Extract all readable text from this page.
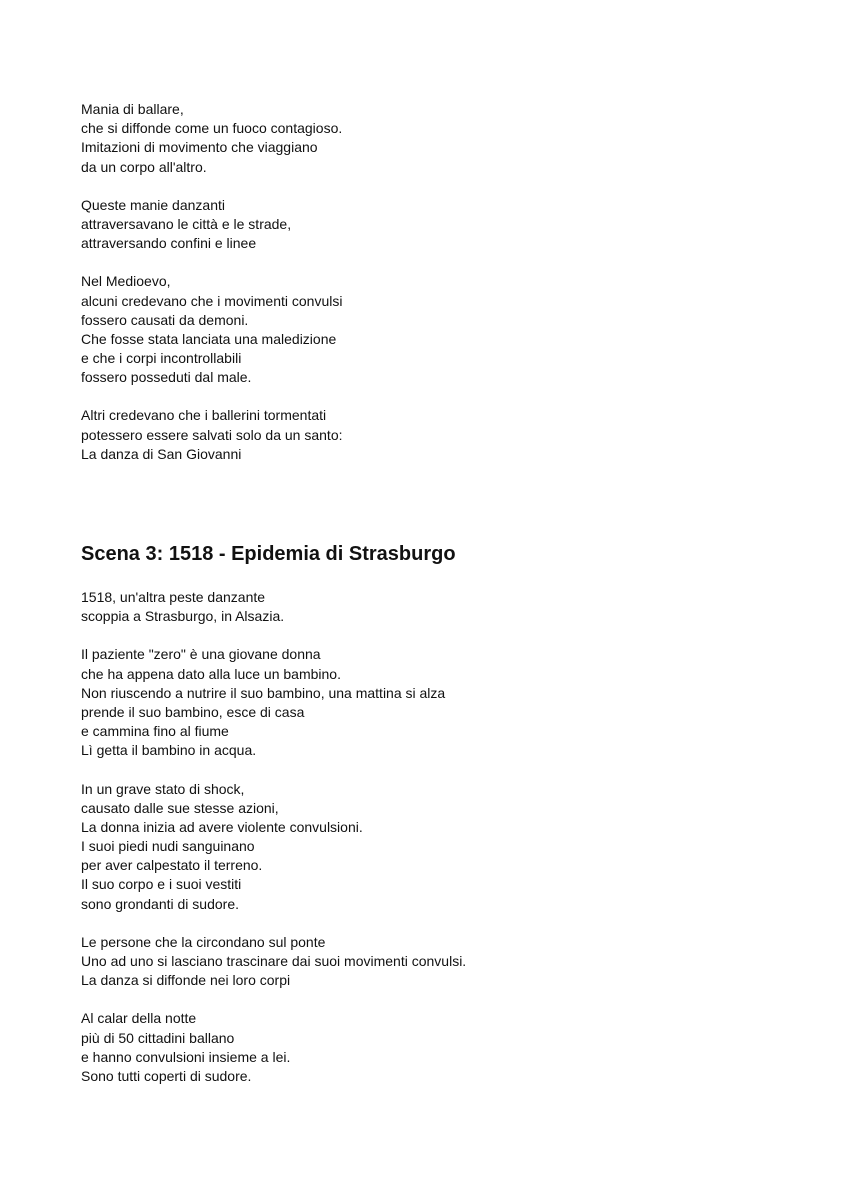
Mania di ballare,
che si diffonde come un fuoco contagioso.
Imitazioni di movimento che viaggiano
da un corpo all'altro.
Queste manie danzanti
attraversavano le città e le strade,
attraversando confini e linee
Nel Medioevo,
alcuni credevano che i movimenti convulsi
fossero causati da demoni.
Che fosse stata lanciata una maledizione
e che i corpi incontrollabili
fossero posseduti dal male.
Altri credevano che i ballerini tormentati
potessero essere salvati solo da un santo:
La danza di San Giovanni
Scena 3: 1518 - Epidemia di Strasburgo
1518, un'altra peste danzante
scoppia a Strasburgo, in Alsazia.
Il paziente "zero" è una giovane donna
che ha appena dato alla luce un bambino.
Non riuscendo a nutrire il suo bambino, una mattina si alza
prende il suo bambino, esce di casa
e cammina fino al fiume
Lì getta il bambino in acqua.
In un grave stato di shock,
causato dalle sue stesse azioni,
La donna inizia ad avere violente convulsioni.
I suoi piedi nudi sanguinano
per aver calpestato il terreno.
Il suo corpo e i suoi vestiti
sono grondanti di sudore.
Le persone che la circondano sul ponte
Uno ad uno si lasciano trascinare dai suoi movimenti convulsi.
La danza si diffonde nei loro corpi
Al calar della notte
più di 50 cittadini ballano
e hanno convulsioni insieme a lei.
Sono tutti coperti di sudore.
